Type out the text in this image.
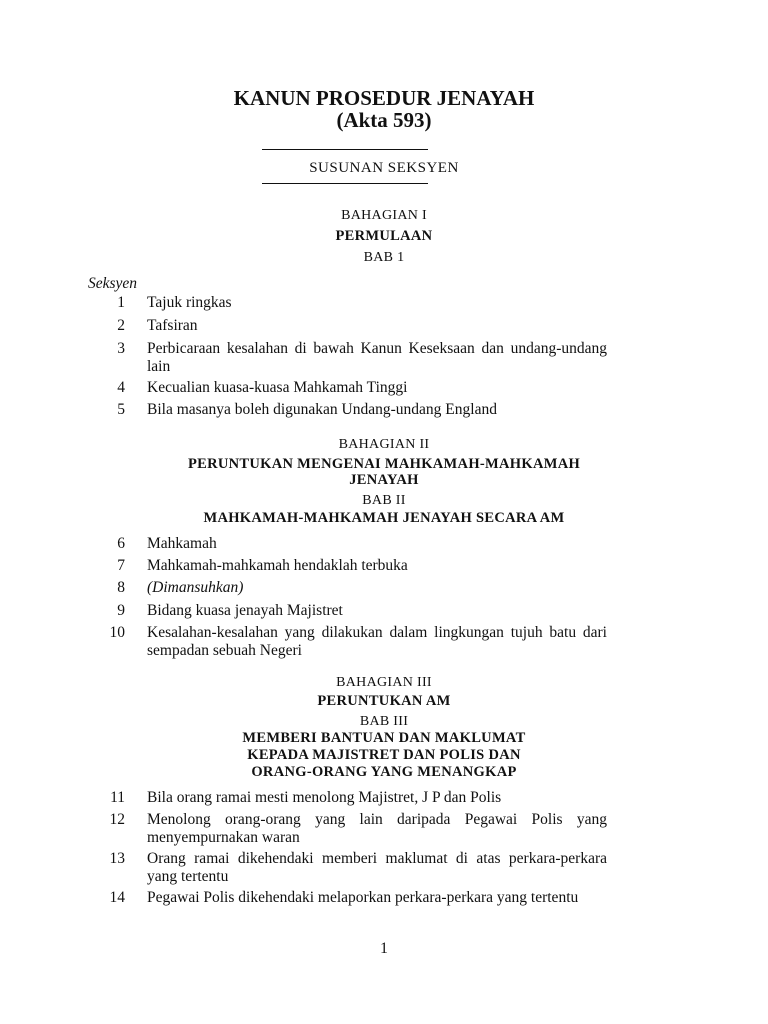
KANUN PROSEDUR JENAYAH
(Akta 593)
SUSUNAN SEKSYEN
BAHAGIAN I
PERMULAAN
BAB 1
Seksyen
1 Tajuk ringkas
2 Tafsiran
3 Perbicaraan kesalahan di bawah Kanun Keseksaan dan undang-undang lain
4 Kecualian kuasa-kuasa Mahkamah Tinggi
5 Bila masanya boleh digunakan Undang-undang England
BAHAGIAN II
PERUNTUKAN MENGENAI MAHKAMAH-MAHKAMAH
JENAYAH
BAB II
MAHKAMAH-MAHKAMAH JENAYAH SECARA AM
6 Mahkamah
7 Mahkamah-mahkamah hendaklah terbuka
8 (Dimansuhkan)
9 Bidang kuasa jenayah Majistret
10 Kesalahan-kesalahan yang dilakukan dalam lingkungan tujuh batu dari sempadan sebuah Negeri
BAHAGIAN III
PERUNTUKAN AM
BAB III
MEMBERI BANTUAN DAN MAKLUMAT
KEPADA MAJISTRET DAN POLIS DAN
ORANG-ORANG YANG MENANGKAP
11 Bila orang ramai mesti menolong Majistret, J P dan Polis
12 Menolong orang-orang yang lain daripada Pegawai Polis yang menyempurnakan waran
13 Orang ramai dikehendaki memberi maklumat di atas perkara-perkara yang tertentu
14 Pegawai Polis dikehendaki melaporkan perkara-perkara yang tertentu
1
